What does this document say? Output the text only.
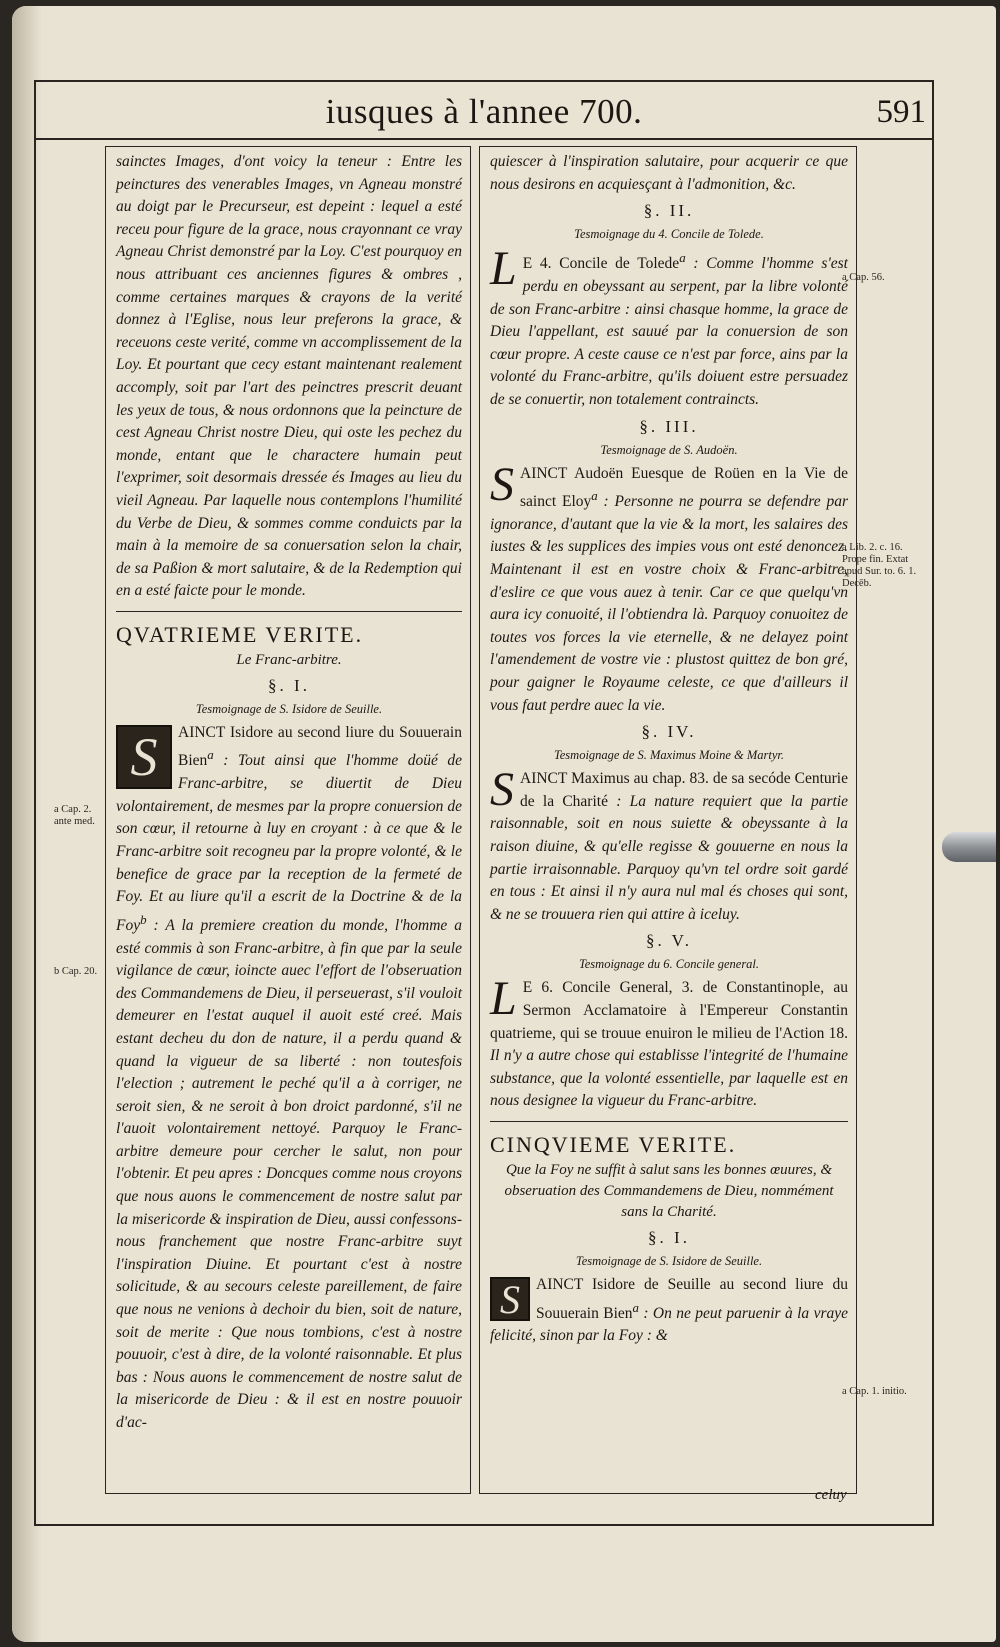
iusques à l'annee 700.	591

sainctes Images, d'ont voicy la teneur : Entre les peinctures des venerables Images, vn Agneau monstré au doigt par le Precurseur, est depeint : lequel a esté receu pour figure de la grace, nous crayonnant ce vray Agneau Christ demonstré par la Loy. C'est pourquoy en nous attribuant ces anciennes figures & ombres , comme certaines marques & crayons de la verité donnez à l'Eglise, nous leur preferons la grace, & receuons ceste verité, comme vn accomplissement de la Loy. Et pourtant que cecy estant maintenant realement accomply, soit par l'art des peinctres prescrit deuant les yeux de tous, & nous ordonnons que la peincture de cest Agneau Christ nostre Dieu, qui oste les pechez du monde, entant que le charactere humain peut l'exprimer, soit desormais dressée és Images au lieu du vieil Agneau. Par laquelle nous contemplons l'humilité du Verbe de Dieu, & sommes comme conduicts par la main à la memoire de sa conuersation selon la chair, de sa Paßion & mort salutaire, & de la Redemption qui en a esté faicte pour le monde.

QVATRIEME VERITE.
Le Franc-arbitre.
§. I.
Tesmoignage de S. Isidore de Seuille.
S	AINCT Isidore au second liure du Souuerain Bien$^a$ : Tout ainsi que l'homme doüé de Franc-arbitre, se diuertit de Dieu volontairement, de mesmes par la propre conuersion de son cœur, il retourne à luy en croyant : à ce que & le Franc-arbitre soit recogneu par la propre volonté, & le benefice de grace par la reception de la fermeté de Foy. Et au liure qu'il a escrit de la Doctrine & de la Foy$^b$ : A la premiere creation du monde, l'homme a esté commis à son Franc-arbitre, à fin que par la seule vigilance de cœur, ioincte auec l'effort de l'obseruation des Commandemens de Dieu, il perseuerast, s'il vouloit demeurer en l'estat auquel il auoit esté creé. Mais estant decheu du don de nature, il a perdu quand & quand la vigueur de sa liberté : non toutesfois l'election ; autrement le peché qu'il a à corriger, ne seroit sien, & ne seroit à bon droict pardonné, s'il ne l'auoit volontairement nettoyé. Parquoy le Franc-arbitre demeure pour cercher le salut, non pour l'obtenir. Et peu apres : Doncques comme nous croyons que nous auons le commencement de nostre salut par la misericorde & inspiration de Dieu, aussi confessons-nous franchement que nostre Franc-arbitre suyt l'inspiration Diuine. Et pourtant c'est à nostre solicitude, & au secours celeste pareillement, de faire que nous ne venions à dechoir du bien, soit de nature, soit de merite : Que nous tombions, c'est à nostre pouuoir, c'est à dire, de la volonté raisonnable. Et plus bas : Nous auons le commencement de nostre salut de la misericorde de Dieu : & il est en nostre pouuoir d'ac-

quiescer à l'inspiration salutaire, pour acquerir ce que nous desirons en acquiesçant à l'admonition, &c.

§. II.
Tesmoignage du 4. Concile de Tolede.
L E 4. Concile de Tolede$^a$ : Comme l'homme s'est perdu en obeyssant au serpent, par la libre volonté de son Franc-arbitre : ainsi chasque homme, la grace de Dieu l'appellant, est sauué par la conuersion de son cœur propre. A ceste cause ce n'est par force, ains par la volonté du Franc-arbitre, qu'ils doiuent estre persuadez de se conuertir, non totalement contraincts.
§. III.
Tesmoignage de S. Audoën.
S AINCT Audoën Euesque de Roüen en la Vie de sainct Eloy$^a$ : Personne ne pourra se defendre par ignorance, d'autant que la vie & la mort, les salaires des iustes & les supplices des impies vous ont esté denoncez. Maintenant il est en vostre choix & Franc-arbitre, d'eslire ce que vous auez à tenir. Car ce que quelqu'vn aura icy conuoité, il l'obtiendra là. Parquoy conuoitez de toutes vos forces la vie eternelle, & ne delayez point l'amendement de vostre vie : plustost quittez de bon gré, pour gaigner le Royaume celeste, ce que d'ailleurs il vous faut perdre auec la vie.
§. IV.
Tesmoignage de S. Maximus Moine & Martyr.
S AINCT Maximus au chap. 83. de sa secóde Centurie de la Charité : La nature requiert que la partie raisonnable, soit en nous suiette & obeyssante à la raison diuine, & qu'elle regisse & gouuerne en nous la partie irraisonnable. Parquoy qu'vn tel ordre soit gardé en tous : Et ainsi il n'y aura nul mal és choses qui sont, & ne se trouuera rien qui attire à iceluy.
§. V.
Tesmoignage du 6. Concile general.
L E 6. Concile General, 3. de Constantinople, au Sermon Acclamatoire à l'Empereur Constantin quatrieme, qui se trouue enuiron le milieu de l'Action 18. Il n'y a autre chose qui establisse l'integrité de l'humaine substance, que la volonté essentielle, par laquelle est en nous designee la vigueur du Franc-arbitre.
CINQVIEME VERITE.
Que la Foy ne suffit à salut sans les bonnes œuures, & obseruation des Commandemens de Dieu, nommément sans la Charité.
§. I.
Tesmoignage de S. Isidore de Seuille.
S	AINCT Isidore de Seuille au second liure du Souuerain Bien$^a$ : On ne peut paruenir à la vraye felicité, sinon par la Foy : &
a Cap. 56.
a Lib. 2. c. 16. Prope fin. Extat apud Sur. to. 6. 1. Decēb.
a Cap. 1. initio.
a Cap. 2. ante med.
b Cap. 20.
celuy
